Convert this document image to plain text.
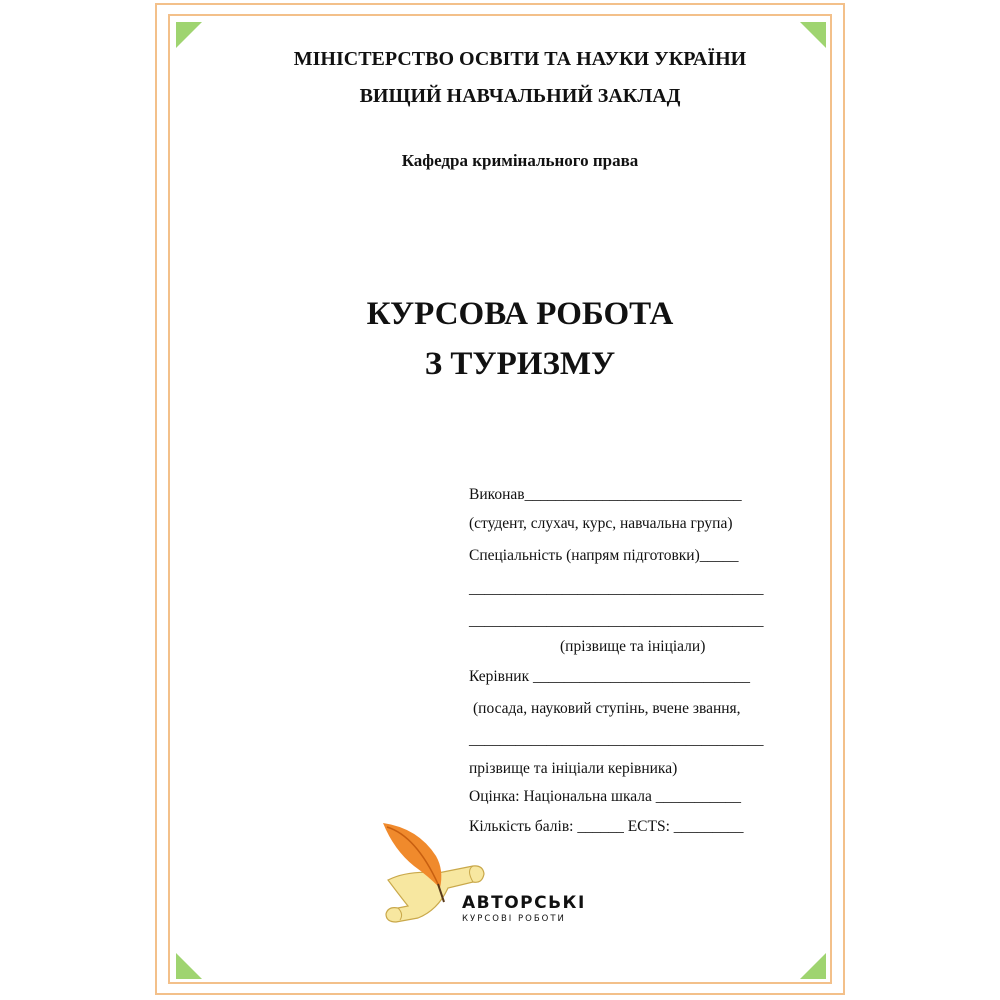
МІНІСТЕРСТВО ОСВІТИ ТА НАУКИ УКРАЇНИ
ВИЩИЙ НАВЧАЛЬНИЙ ЗАКЛАД
Кафедра кримінального права
КУРСОВА РОБОТА
З ТУРИЗМУ
Виконав____________________________
(студент, слухач, курс, навчальна група)
Спеціальність (напрям підготовки)_____
______________________________________
______________________________________
(прізвище та ініціали)
Керівник ____________________________
(посада, науковий ступінь, вчене звання,
______________________________________
прізвище та ініціали керівника)
Оцінка: Національна шкала ___________
Кількість балів: ______ ECTS: _________
АВТОРСЬКІ
КУРСОВІ РОБОТИ
